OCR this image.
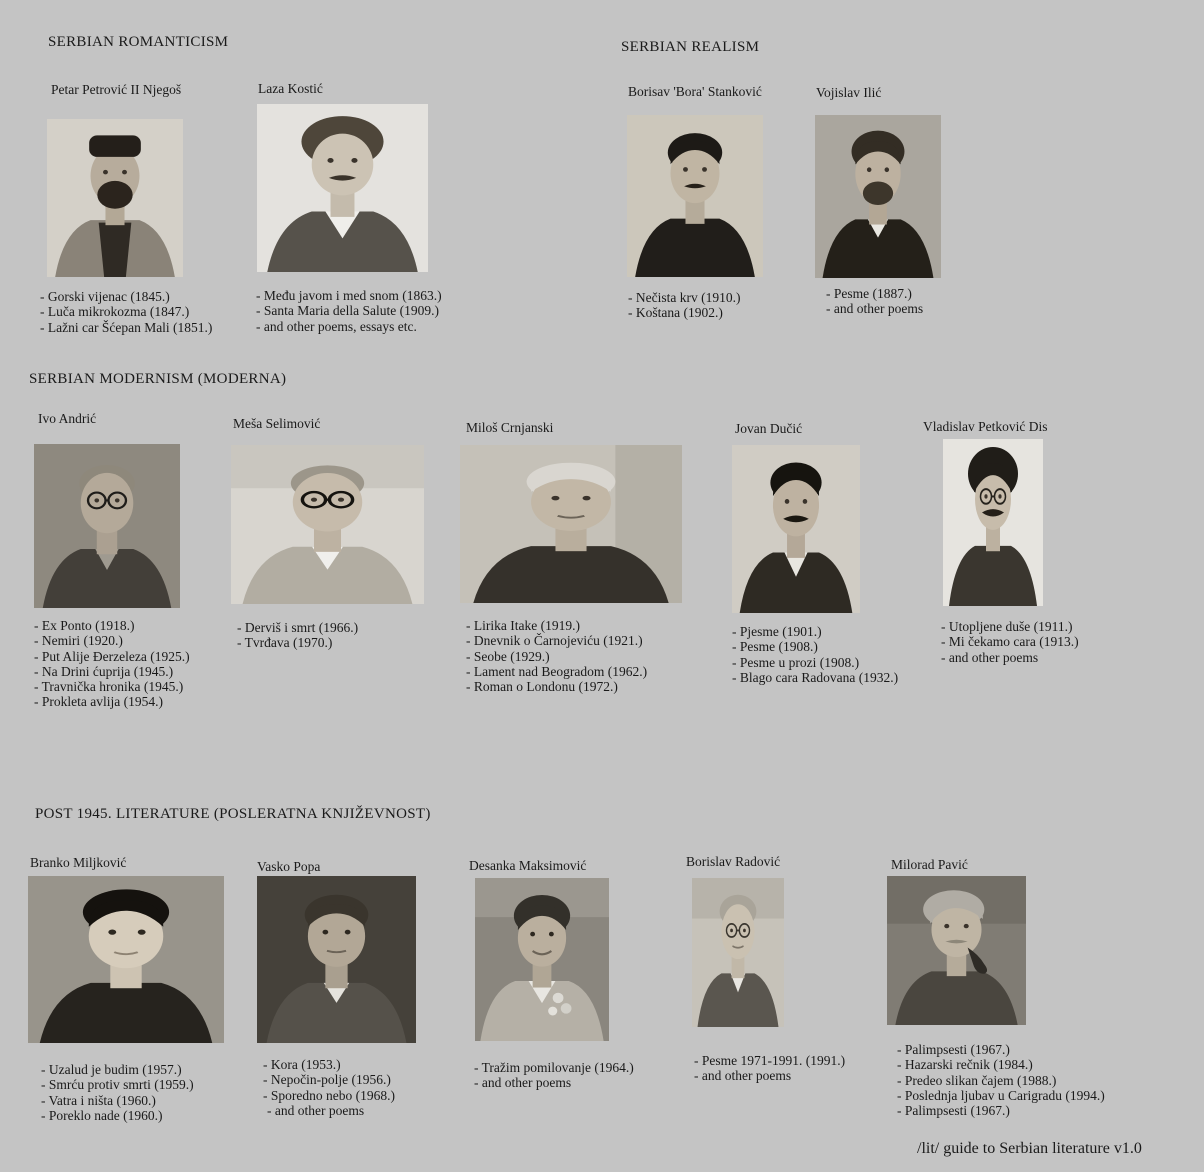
SERBIAN ROMANTICISM
Petar Petrović II Njegoš
- Gorski vijenac (1845.)
- Luča mikrokozma (1847.)
- Lažni car Šćepan Mali (1851.)
Laza Kostić
- Među javom i med snom (1863.)
- Santa Maria della Salute (1909.)
- and other poems, essays etc.
SERBIAN REALISM
Borisav 'Bora' Stanković
- Nečista krv (1910.)
- Koštana (1902.)
Vojislav Ilić
- Pesme (1887.)
- and other poems
SERBIAN MODERNISM (MODERNA)
Ivo Andrić
- Ex Ponto (1918.)
- Nemiri (1920.)
- Put Alije Đerzeleza (1925.)
- Na Drini ćuprija (1945.)
- Travnička hronika (1945.)
- Prokleta avlija (1954.)
Meša Selimović
- Derviš i smrt (1966.)
- Tvrđava (1970.)
Miloš Crnjanski
- Lirika Itake (1919.)
- Dnevnik o Čarnojeviću (1921.)
- Seobe (1929.)
- Lament nad Beogradom (1962.)
- Roman o Londonu (1972.)
Jovan Dučić
- Pjesme (1901.)
- Pesme (1908.)
- Pesme u prozi (1908.)
- Blago cara Radovana (1932.)
Vladislav Petković Dis
- Utopljene duše (1911.)
- Mi čekamo cara (1913.)
- and other poems
POST 1945. LITERATURE (POSLERATNA KNJIŽEVNOST)
Branko Miljković
- Uzalud je budim (1957.)
- Smrću protiv smrti (1959.)
- Vatra i ništa (1960.)
- Poreklo nade (1960.)
Vasko Popa
- Kora (1953.)
- Nepočin-polje (1956.)
- Sporedno nebo (1968.)
- and other poems
Desanka Maksimović
- Tražim pomilovanje (1964.)
- and other poems
Borislav Radović
- Pesme 1971-1991. (1991.)
- and other poems
Milorad Pavić
- Palimpsesti (1967.)
- Hazarski rečnik (1984.)
- Predeo slikan čajem (1988.)
- Poslednja ljubav u Carigradu (1994.)
- Palimpsesti (1967.)
/lit/ guide to Serbian literature v1.0
